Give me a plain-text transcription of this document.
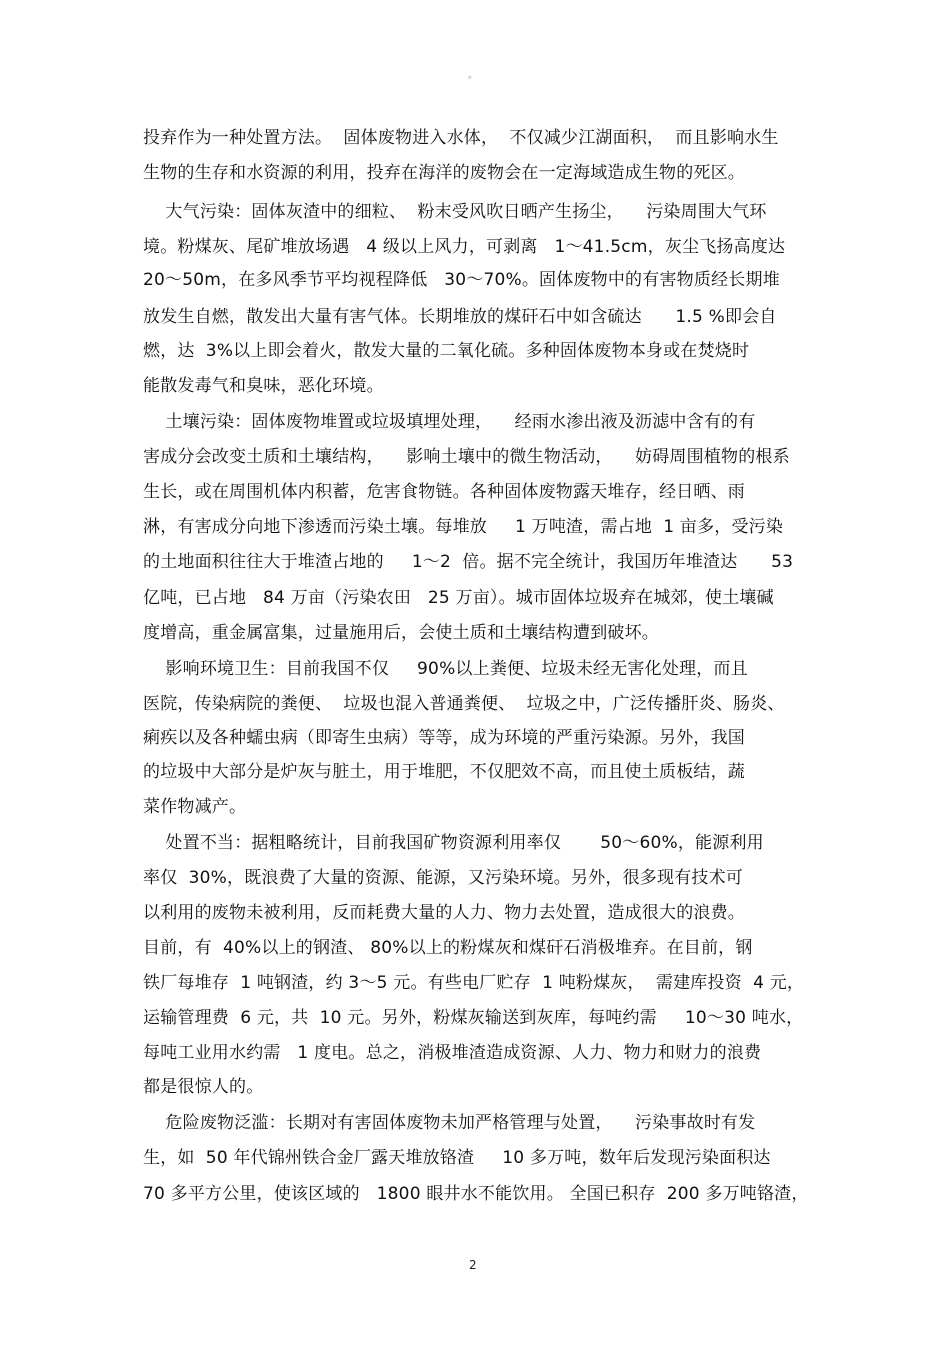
。
投弃作为一种处置方法。  固体废物进入水体，  不仅减少江湖面积，  而且影响水生
生物的生存和水资源的利用，投弃在海洋的废物会在一定海域造成生物的死区。
大气污染：固体灰渣中的细粒、  粉末受风吹日晒产生扬尘，    污染周围大气环
境。粉煤灰、尾矿堆放场遇   4 级以上风力，可剥离   1～41.5cm，灰尘飞扬高度达
20～50m，在多风季节平均视程降低   30～70%。固体废物中的有害物质经长期堆
放发生自燃，散发出大量有害气体。长期堆放的煤矸石中如含硫达      1.5 %即会自
燃，达  3%以上即会着火，散发大量的二氧化硫。多种固体废物本身或在焚烧时
能散发毒气和臭味，恶化环境。
土壤污染：固体废物堆置或垃圾填埋处理，    经雨水渗出液及沥滤中含有的有
害成分会改变土质和土壤结构，    影响土壤中的微生物活动，    妨碍周围植物的根系
生长，或在周围机体内积蓄，危害食物链。各种固体废物露天堆存，经日晒、雨
淋，有害成分向地下渗透而污染土壤。每堆放     1 万吨渣，需占地  1 亩多，受污染
的土地面积往往大于堆渣占地的     1～2  倍。据不完全统计，我国历年堆渣达      53
亿吨，已占地   84 万亩（污染农田   25 万亩）。城市固体垃圾弃在城郊，使土壤碱
度增高，重金属富集，过量施用后，会使土质和土壤结构遭到破坏。
影响环境卫生：目前我国不仅     90%以上粪便、垃圾未经无害化处理，而且
医院，传染病院的粪便、  垃圾也混入普通粪便、  垃圾之中，广泛传播肝炎、肠炎、
痢疾以及各种蠕虫病（即寄生虫病）等等，成为环境的严重污染源。另外，我国
的垃圾中大部分是炉灰与脏土，用于堆肥，不仅肥效不高，而且使土质板结，蔬
菜作物减产。
处置不当：据粗略统计，目前我国矿物资源利用率仅       50～60%，能源利用
率仅  30%，既浪费了大量的资源、能源，又污染环境。另外，很多现有技术可
以利用的废物未被利用，反而耗费大量的人力、物力去处置，造成很大的浪费。
目前，有  40%以上的钢渣、 80%以上的粉煤灰和煤矸石消极堆弃。在目前，钢
铁厂每堆存  1 吨钢渣，约 3～5 元。有些电厂贮存  1 吨粉煤灰，  需建库投资  4 元，
运输管理费  6 元，共  10 元。另外，粉煤灰输送到灰库，每吨约需     10～30 吨水，
每吨工业用水约需   1 度电。总之，消极堆渣造成资源、人力、物力和财力的浪费
都是很惊人的。
危险废物泛滥：长期对有害固体废物未加严格管理与处置，    污染事故时有发
生，如  50 年代锦州铁合金厂露天堆放铬渣     10 多万吨，数年后发现污染面积达
70 多平方公里，使该区域的   1800 眼井水不能饮用。 全国已积存  200 多万吨铬渣，
2
